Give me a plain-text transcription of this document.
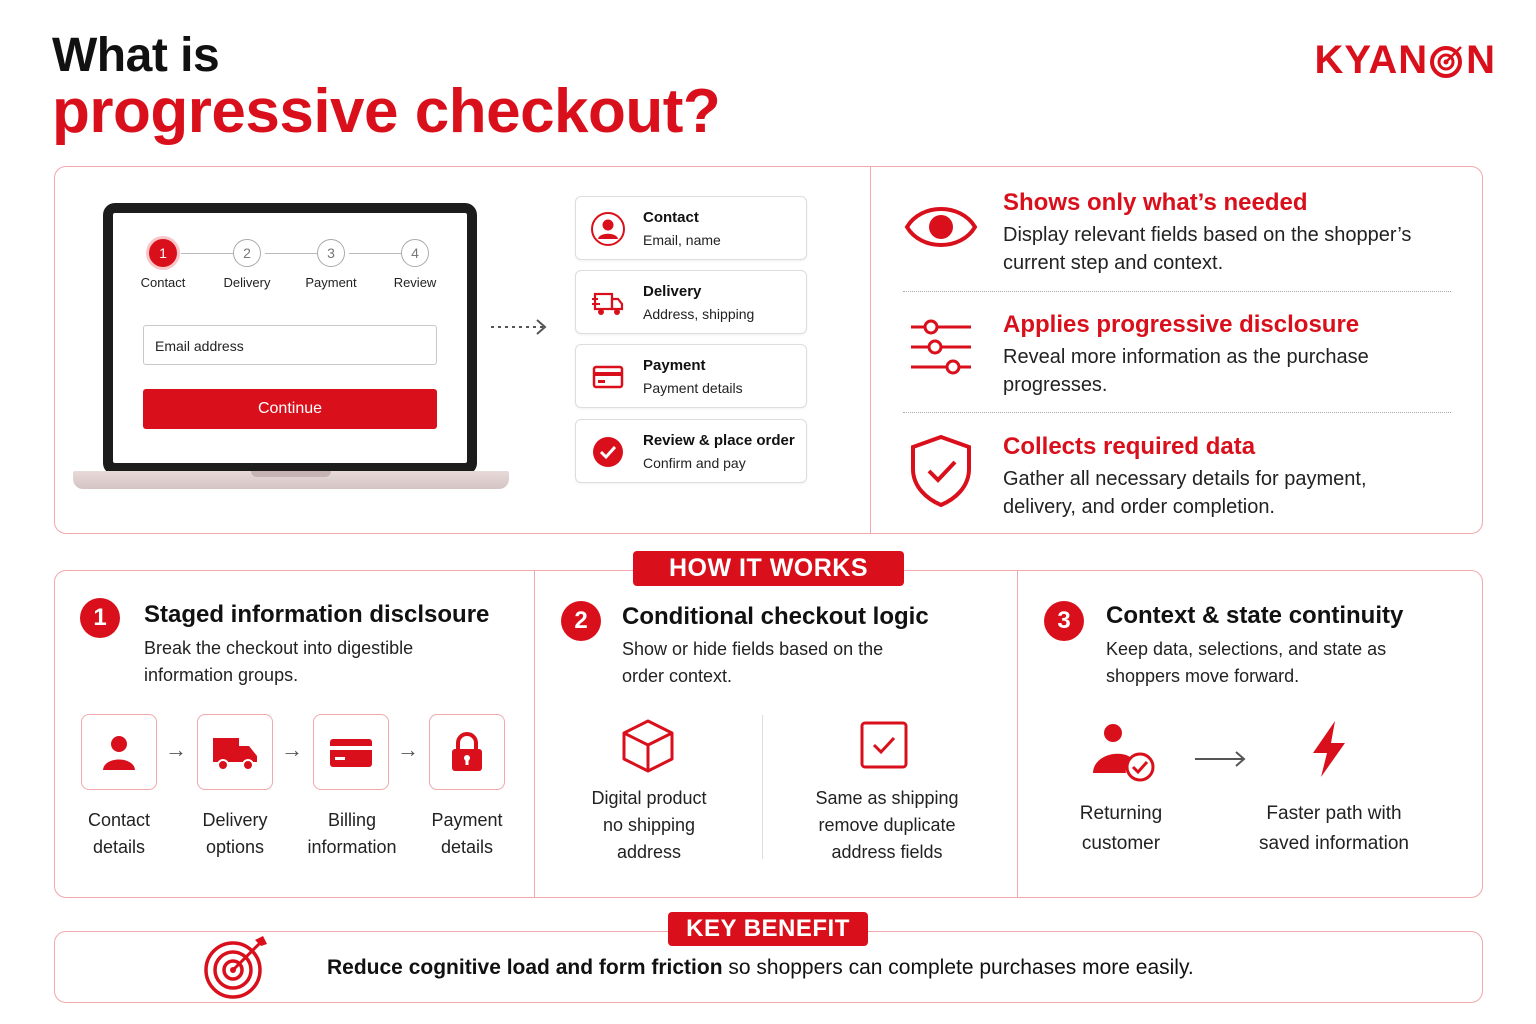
What is
progressive checkout?
KYAN N
1
Contact
2
Delivery
3
Payment
4
Review
Email address
Continue
Contact
Email, name
Delivery
Address, shipping
Payment
Payment details
Review & place order
Confirm and pay
Shows only what’s needed
Display relevant fields based on the shopper’s current step and context.
Applies progressive disclosure
Reveal more information as the purchase progresses.
Collects required data
Gather all necessary details for payment, delivery, and order completion.
1	Staged information disclsoure
Break the checkout into digestible
information groups.
→	→	→
Contact
details
Delivery
options
Billing
information
Payment
details
2	Conditional checkout logic
Show or hide fields based on the
order context.
Digital product
no shipping
address
Same as shipping
remove duplicate
address fields
3	Context & state continuity
Keep data, selections, and state as
shoppers move forward.
Returning
customer
Faster path with
saved information
HOW IT WORKS
Reduce cognitive load and form friction so shoppers can complete purchases more easily.
KEY BENEFIT
